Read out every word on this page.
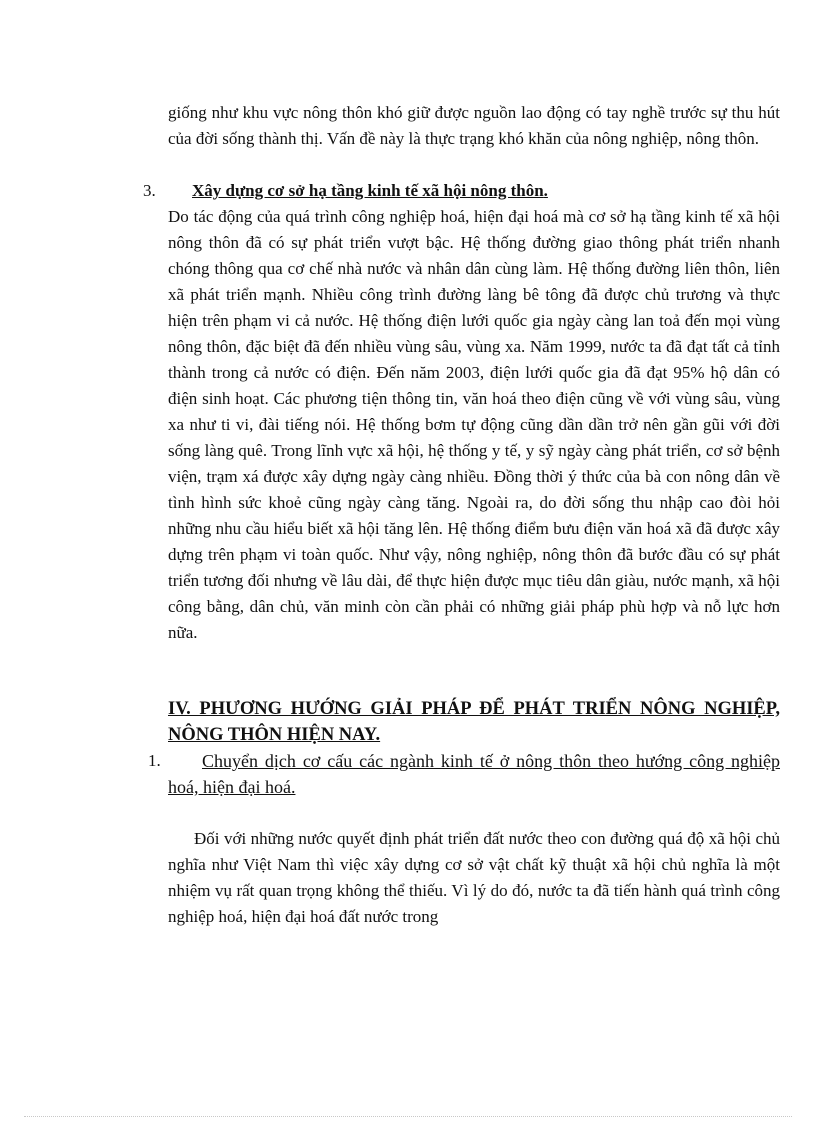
giống như khu vực nông thôn khó giữ được nguồn lao động có tay nghề trước sự thu hút của đời sống thành thị. Vấn đề này là thực trạng khó khăn của nông nghiệp, nông thôn.

3. Xây dựng cơ sở hạ tầng kinh tế xã hội nông thôn.

Do tác động của quá trình công nghiệp hoá, hiện đại hoá mà cơ sở hạ tầng kinh tế xã hội nông thôn đã có sự phát triển vượt bậc. Hệ thống đường giao thông phát triển nhanh chóng thông qua cơ chế nhà nước và nhân dân cùng làm. Hệ thống đường liên thôn, liên xã phát triển mạnh. Nhiều công trình đường làng bê tông đã được chủ trương và thực hiện trên phạm vi cả nước. Hệ thống điện lưới quốc gia ngày càng lan toả đến mọi vùng nông thôn, đặc biệt đã đến nhiều vùng sâu, vùng xa. Năm 1999, nước ta đã đạt tất cả tỉnh thành trong cả nước có điện. Đến năm 2003, điện lưới quốc gia đã đạt 95% hộ dân có điện sinh hoạt. Các phương tiện thông tin, văn hoá theo điện cũng về với vùng sâu, vùng xa như ti vi, đài tiếng nói. Hệ thống bơm tự động cũng dần dần trở nên gần gũi với đời sống làng quê. Trong lĩnh vực xã hội, hệ thống y tế, y sỹ ngày càng phát triển, cơ sở bệnh viện, trạm xá được xây dựng ngày càng nhiều. Đồng thời ý thức của bà con nông dân về tình hình sức khoẻ cũng ngày càng tăng. Ngoài ra, do đời sống thu nhập cao đòi hỏi những nhu cầu hiểu biết xã hội tăng lên. Hệ thống điểm bưu điện văn hoá xã đã được xây dựng trên phạm vi toàn quốc. Như vậy, nông nghiệp, nông thôn đã bước đầu có sự phát triển tương đối nhưng về lâu dài, để thực hiện được mục tiêu dân giàu, nước mạnh, xã hội công bằng, dân chủ, văn minh còn cần phải có những giải pháp phù hợp và nỗ lực hơn nữa.

IV. PHƯƠNG HƯỚNG GIẢI PHÁP ĐỂ PHÁT TRIỂN NÔNG NGHIỆP, NÔNG THÔN HIỆN NAY.
1.	Chuyển dịch cơ cấu các ngành kinh tế ở nông thôn theo hướng công nghiệp hoá, hiện đại hoá.

Đối với những nước quyết định phát triển đất nước theo con đường quá độ xã hội chủ nghĩa như Việt Nam thì việc xây dựng cơ sở vật chất kỹ thuật xã hội chủ nghĩa là một nhiệm vụ rất quan trọng không thể thiếu. Vì lý do đó, nước ta đã tiến hành quá trình công nghiệp hoá, hiện đại hoá đất nước trong
